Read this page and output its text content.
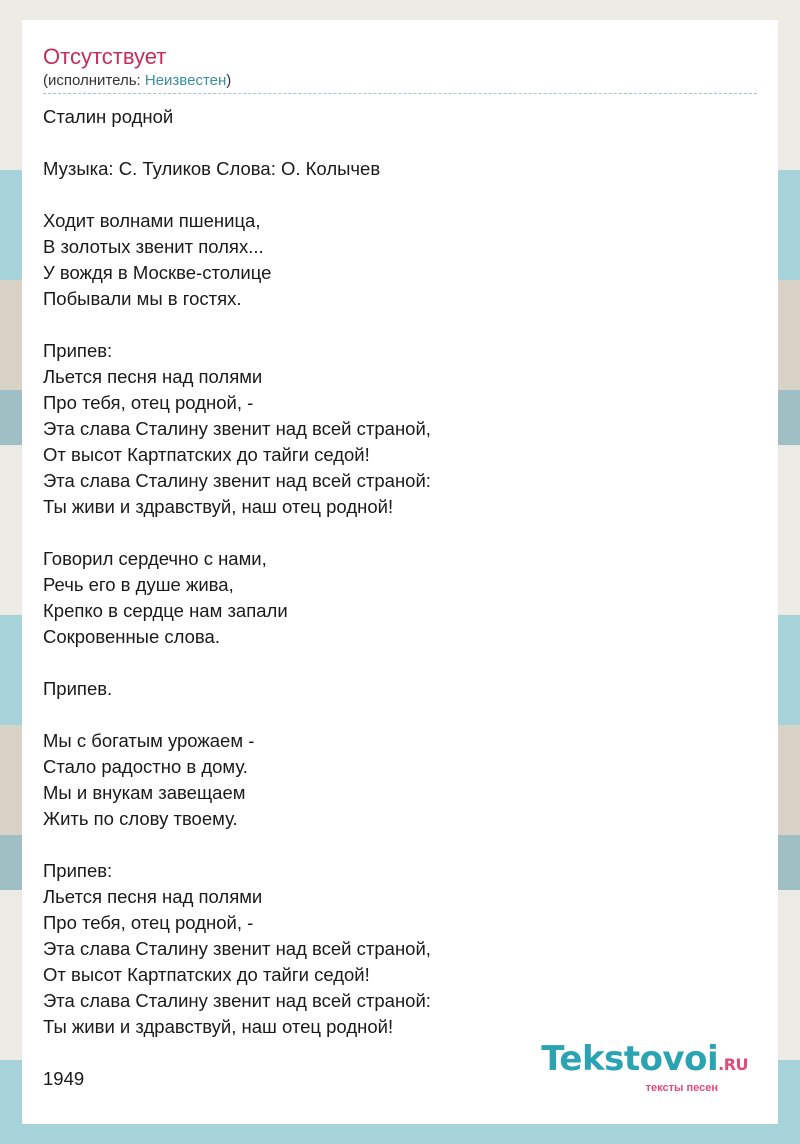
Отсутствует
(исполнитель: Неизвестен)
Сталин родной
Музыка: С. Туликов Слова: О. Колычев
Ходит волнами пшеница,
В золотых звенит полях...
У вождя в Москве-столице
Побывали мы в гостях.
Припев:
Льется песня над полями
Про тебя, отец родной, -
Эта слава Сталину звенит над всей страной,
От высот Картпатских до тайги седой!
Эта слава Сталину звенит над всей страной:
Ты живи и здравствуй, наш отец родной!
Говорил сердечно с нами,
Речь его в душе жива,
Крепко в сердце нам запали
Сокровенные слова.
Припев.
Мы с богатым урожаем -
Стало радостно в дому.
Мы и внукам завещаем
Жить по слову твоему.
Припев:
Льется песня над полями
Про тебя, отец родной, -
Эта слава Сталину звенит над всей страной,
От высот Картпатских до тайги седой!
Эта слава Сталину звенит над всей страной:
Ты живи и здравствуй, наш отец родной!
1949	Tekstovoi.RU
тексты песен
